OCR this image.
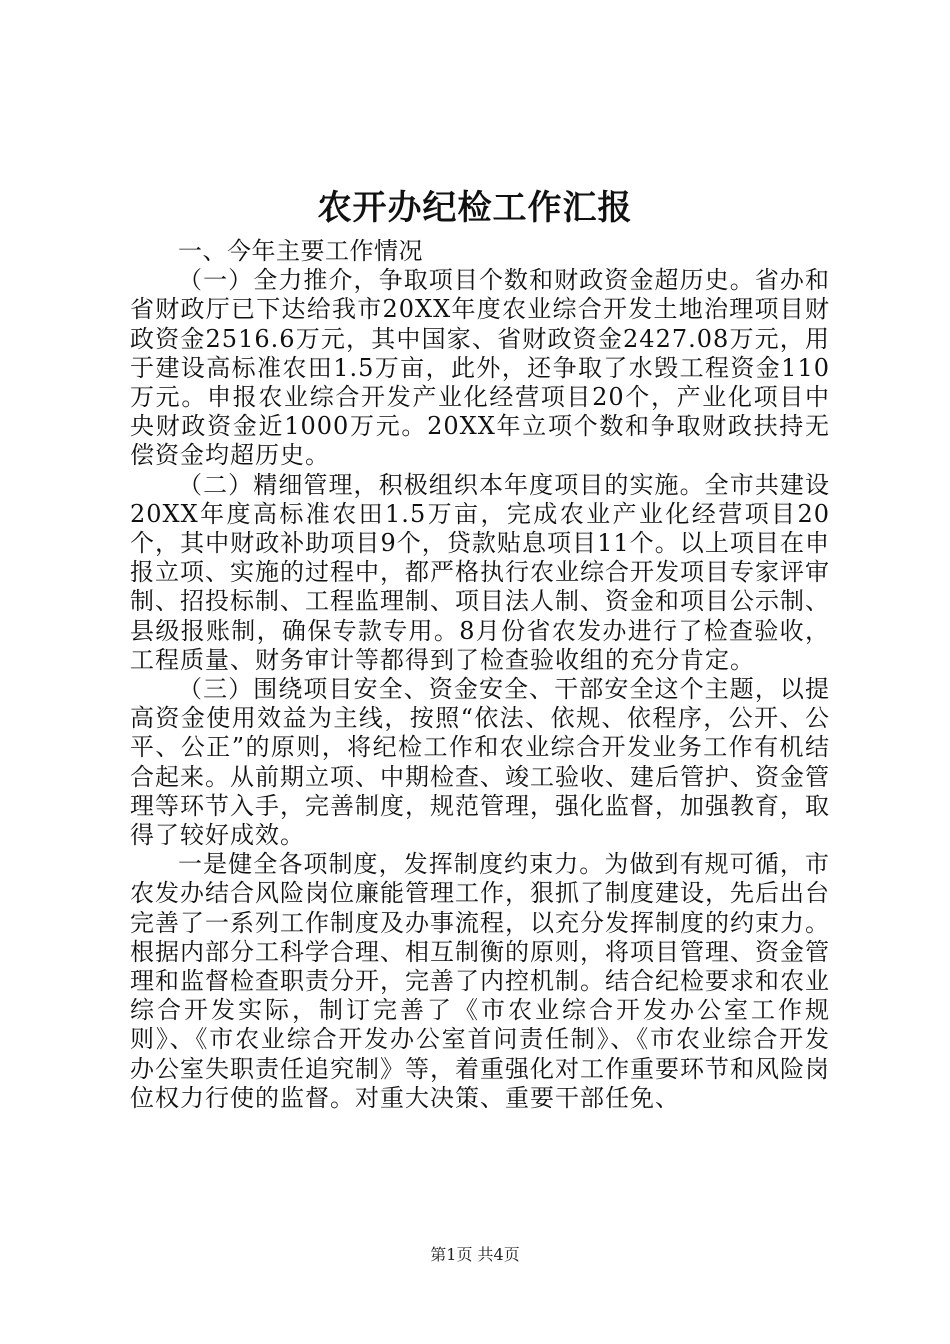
农开办纪检工作汇报

一、今年主要工作情况

（一）全力推介，争取项目个数和财政资金超历史。省办和省财政厅已下达给我市20XX年度农业综合开发土地治理项目财政资金2516.6万元，其中国家、省财政资金2427.08万元，用于建设高标准农田1.5万亩，此外，还争取了水毁工程资金110万元。申报农业综合开发产业化经营项目20个，产业化项目中央财政资金近1000万元。20XX年立项个数和争取财政扶持无偿资金均超历史。

（二）精细管理，积极组织本年度项目的实施。全市共建设20XX年度高标准农田1.5万亩，完成农业产业化经营项目20个，其中财政补助项目9个，贷款贴息项目11个。以上项目在申报立项、实施的过程中，都严格执行农业综合开发项目专家评审制、招投标制、工程监理制、项目法人制、资金和项目公示制、县级报账制，确保专款专用。8月份省农发办进行了检查验收，工程质量、财务审计等都得到了检查验收组的充分肯定。

（三）围绕项目安全、资金安全、干部安全这个主题，以提高资金使用效益为主线，按照“依法、依规、依程序，公开、公平、公正”的原则，将纪检工作和农业综合开发业务工作有机结合起来。从前期立项、中期检查、竣工验收、建后管护、资金管理等环节入手，完善制度，规范管理，强化监督，加强教育，取得了较好成效。

一是健全各项制度，发挥制度约束力。为做到有规可循，市农发办结合风险岗位廉能管理工作，狠抓了制度建设，先后出台完善了一系列工作制度及办事流程，以充分发挥制度的约束力。根据内部分工科学合理、相互制衡的原则，将项目管理、资金管理和监督检查职责分开，完善了内控机制。结合纪检要求和农业综合开发实际，制订完善了《市农业综合开发办公室工作规则》、《市农业综合开发办公室首问责任制》、《市农业综合开发办公室失职责任追究制》等，着重强化对工作重要环节和风险岗位权力行使的监督。对重大决策、重要干部任免、

第1页 共4页
